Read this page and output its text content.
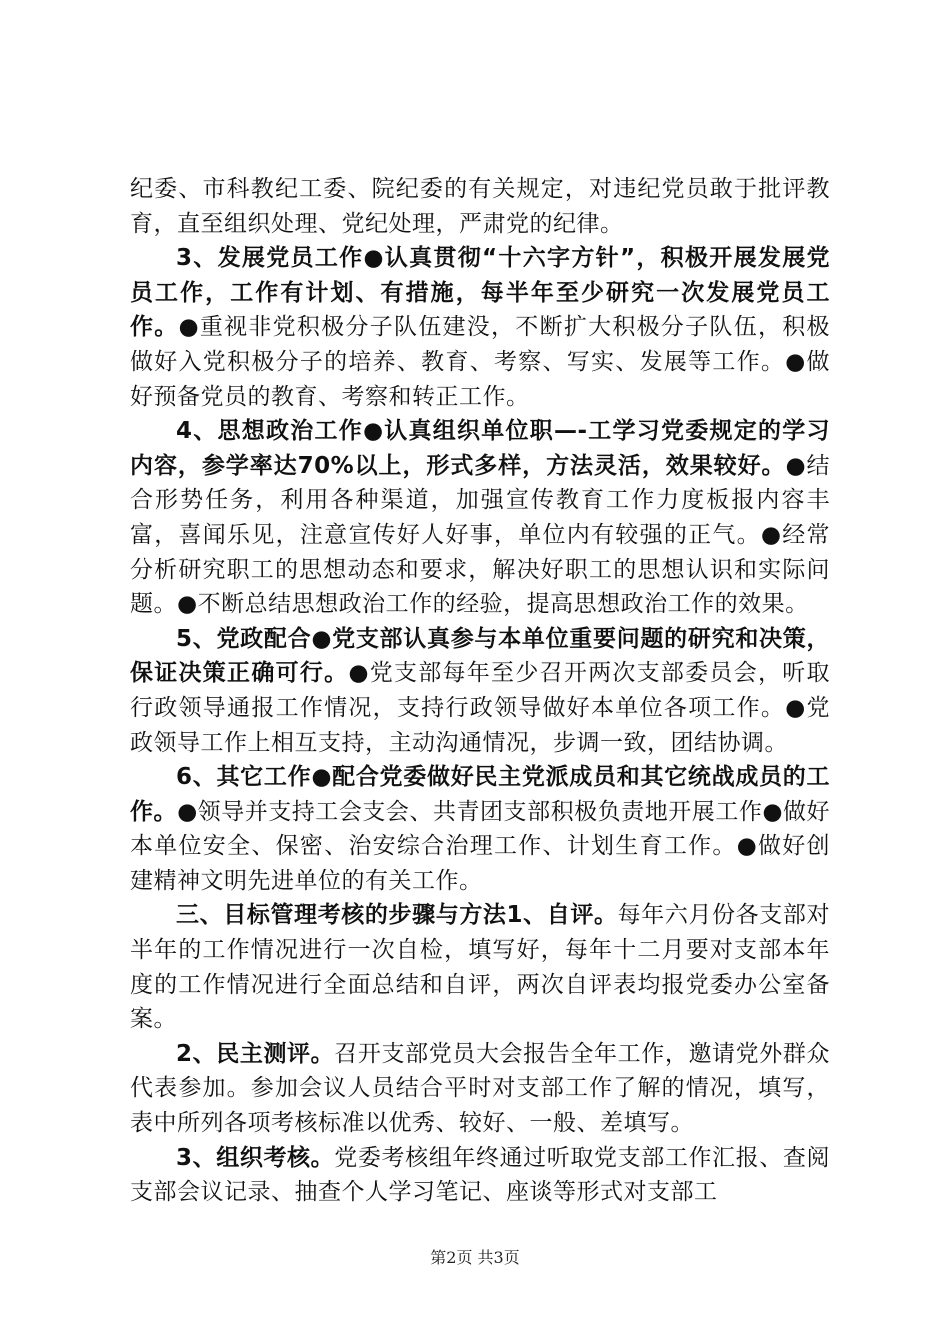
纪委、市科教纪工委、院纪委的有关规定，对违纪党员敢于批评教育，直至组织处理、党纪处理，严肃党的纪律。

3、发展党员工作●认真贯彻“十六字方针”，积极开展发展党员工作，工作有计划、有措施，每半年至少研究一次发展党员工作。●重视非党积极分子队伍建没，不断扩大积极分子队伍，积极做好入党积极分子的培养、教育、考察、写实、发展等工作。●做好预备党员的教育、考察和转正工作。

4、思想政治工作●认真组织单位职—-工学习党委规定的学习内容，参学率达70%以上，形式多样，方法灵活，效果较好。●结合形势任务，利用各种渠道，加强宣传教育工作力度板报内容丰富，喜闻乐见，注意宣传好人好事，单位内有较强的正气。●经常分析研究职工的思想动态和要求，解决好职工的思想认识和实际问题。●不断总结思想政治工作的经验，提高思想政治工作的效果。

5、党政配合●党支部认真参与本单位重要问题的研究和决策，保证决策正确可行。●党支部每年至少召开两次支部委员会，听取行政领导通报工作情况，支持行政领导做好本单位各项工作。●党政领导工作上相互支持，主动沟通情况，步调一致，团结协调。

6、其它工作●配合党委做好民主党派成员和其它统战成员的工作。●领导并支持工会支会、共青团支部积极负责地开展工作●做好本单位安全、保密、治安综合治理工作、计划生育工作。●做好创建精神文明先进单位的有关工作。

三、目标管理考核的步骤与方法1、自评。每年六月份各支部对半年的工作情况进行一次自检，填写好，每年十二月要对支部本年度的工作情况进行全面总结和自评，两次自评表均报党委办公室备案。

2、民主测评。召开支部党员大会报告全年工作，邀请党外群众代表参加。参加会议人员结合平时对支部工作了解的情况，填写，表中所列各项考核标准以优秀、较好、一般、差填写。

3、组织考核。党委考核组年终通过听取党支部工作汇报、查阅支部会议记录、抽查个人学习笔记、座谈等形式对支部工

第2页 共3页
